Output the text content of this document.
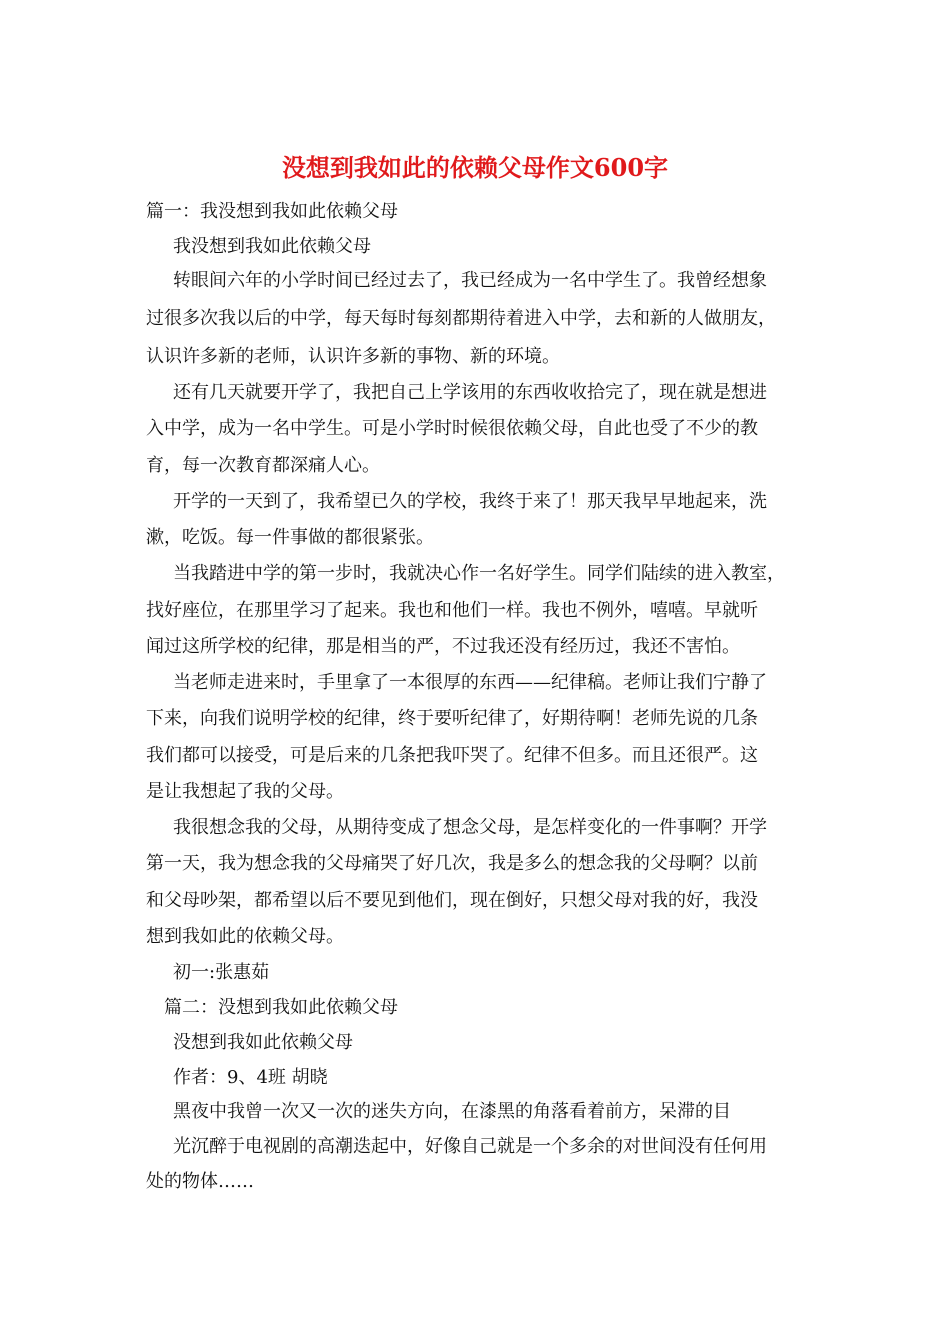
没想到我如此的依赖父母作文600字
篇一：我没想到我如此依赖父母
我没想到我如此依赖父母
转眼间六年的小学时间已经过去了，我已经成为一名中学生了。我曾经想象
过很多次我以后的中学，每天每时每刻都期待着进入中学，去和新的人做朋友，
认识许多新的老师，认识许多新的事物、新的环境。
还有几天就要开学了，我把自己上学该用的东西收收拾完了，现在就是想进
入中学，成为一名中学生。可是小学时时候很依赖父母，自此也受了不少的教
育，每一次教育都深痛人心。
开学的一天到了，我希望已久的学校，我终于来了！那天我早早地起来，洗
漱，吃饭。每一件事做的都很紧张。
当我踏进中学的第一步时，我就决心作一名好学生。同学们陆续的进入教室，
找好座位，在那里学习了起来。我也和他们一样。我也不例外，嘻嘻。早就听
闻过这所学校的纪律，那是相当的严，不过我还没有经历过，我还不害怕。
当老师走进来时，手里拿了一本很厚的东西——纪律稿。老师让我们宁静了
下来，向我们说明学校的纪律，终于要听纪律了，好期待啊！老师先说的几条
我们都可以接受，可是后来的几条把我吓哭了。纪律不但多。而且还很严。这
是让我想起了我的父母。
我很想念我的父母，从期待变成了想念父母，是怎样变化的一件事啊？开学
第一天，我为想念我的父母痛哭了好几次，我是多么的想念我的父母啊？以前
和父母吵架，都希望以后不要见到他们，现在倒好，只想父母对我的好，我没
想到我如此的依赖父母。
初一:张惠茹
篇二：没想到我如此依赖父母
没想到我如此依赖父母
作者：9、4班 胡晓
黑夜中我曾一次又一次的迷失方向，在漆黑的角落看着前方，呆滞的目
光沉醉于电视剧的高潮迭起中，好像自己就是一个多余的对世间没有任何用
处的物体……
